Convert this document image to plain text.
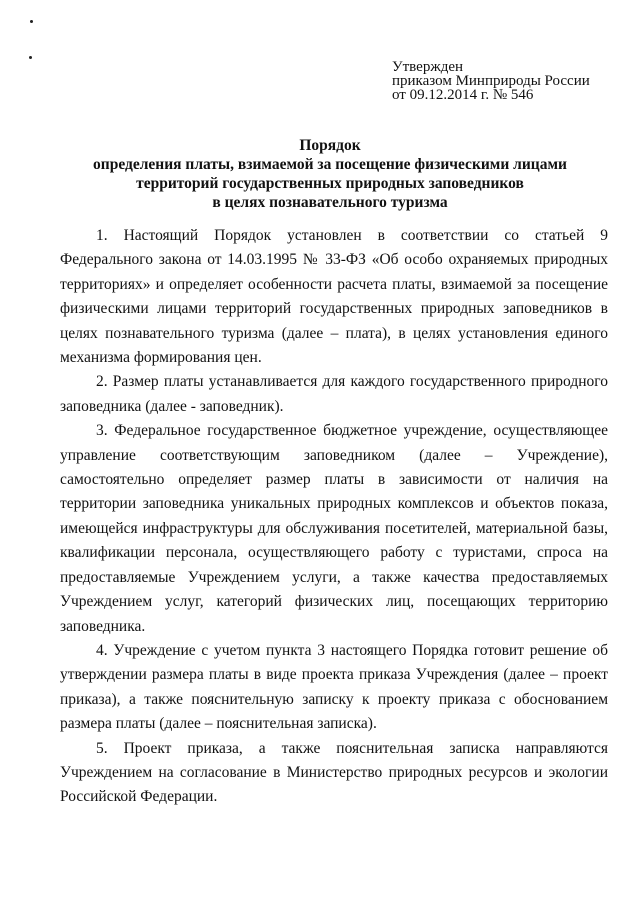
Утвержден
приказом Минприроды России
от 09.12.2014 г. № 546
Порядок
определения платы, взимаемой за посещение физическими лицами
территорий государственных природных заповедников
в целях познавательного туризма

1. Настоящий Порядок установлен в соответствии со статьей 9 Федерального закона от 14.03.1995 № 33-ФЗ «Об особо охраняемых природных территориях» и определяет особенности расчета платы, взимаемой за посещение физическими лицами территорий государственных природных заповедников в целях познавательного туризма (далее – плата), в целях установления единого механизма формирования цен.

2. Размер платы устанавливается для каждого государственного природного заповедника (далее - заповедник).

3. Федеральное государственное бюджетное учреждение, осуществляющее управление соответствующим заповедником (далее – Учреждение), самостоятельно определяет размер платы в зависимости от наличия на территории заповедника уникальных природных комплексов и объектов показа, имеющейся инфраструктуры для обслуживания посетителей, материальной базы, квалификации персонала, осуществляющего работу с туристами, спроса на предоставляемые Учреждением услуги, а также качества предоставляемых Учреждением услуг, категорий физических лиц, посещающих территорию заповедника.

4. Учреждение с учетом пункта 3 настоящего Порядка готовит решение об утверждении размера платы в виде проекта приказа Учреждения (далее – проект приказа), а также пояснительную записку к проекту приказа с обоснованием размера платы (далее – пояснительная записка).

5. Проект приказа, а также пояснительная записка направляются Учреждением на согласование в Министерство природных ресурсов и экологии Российской Федерации.
